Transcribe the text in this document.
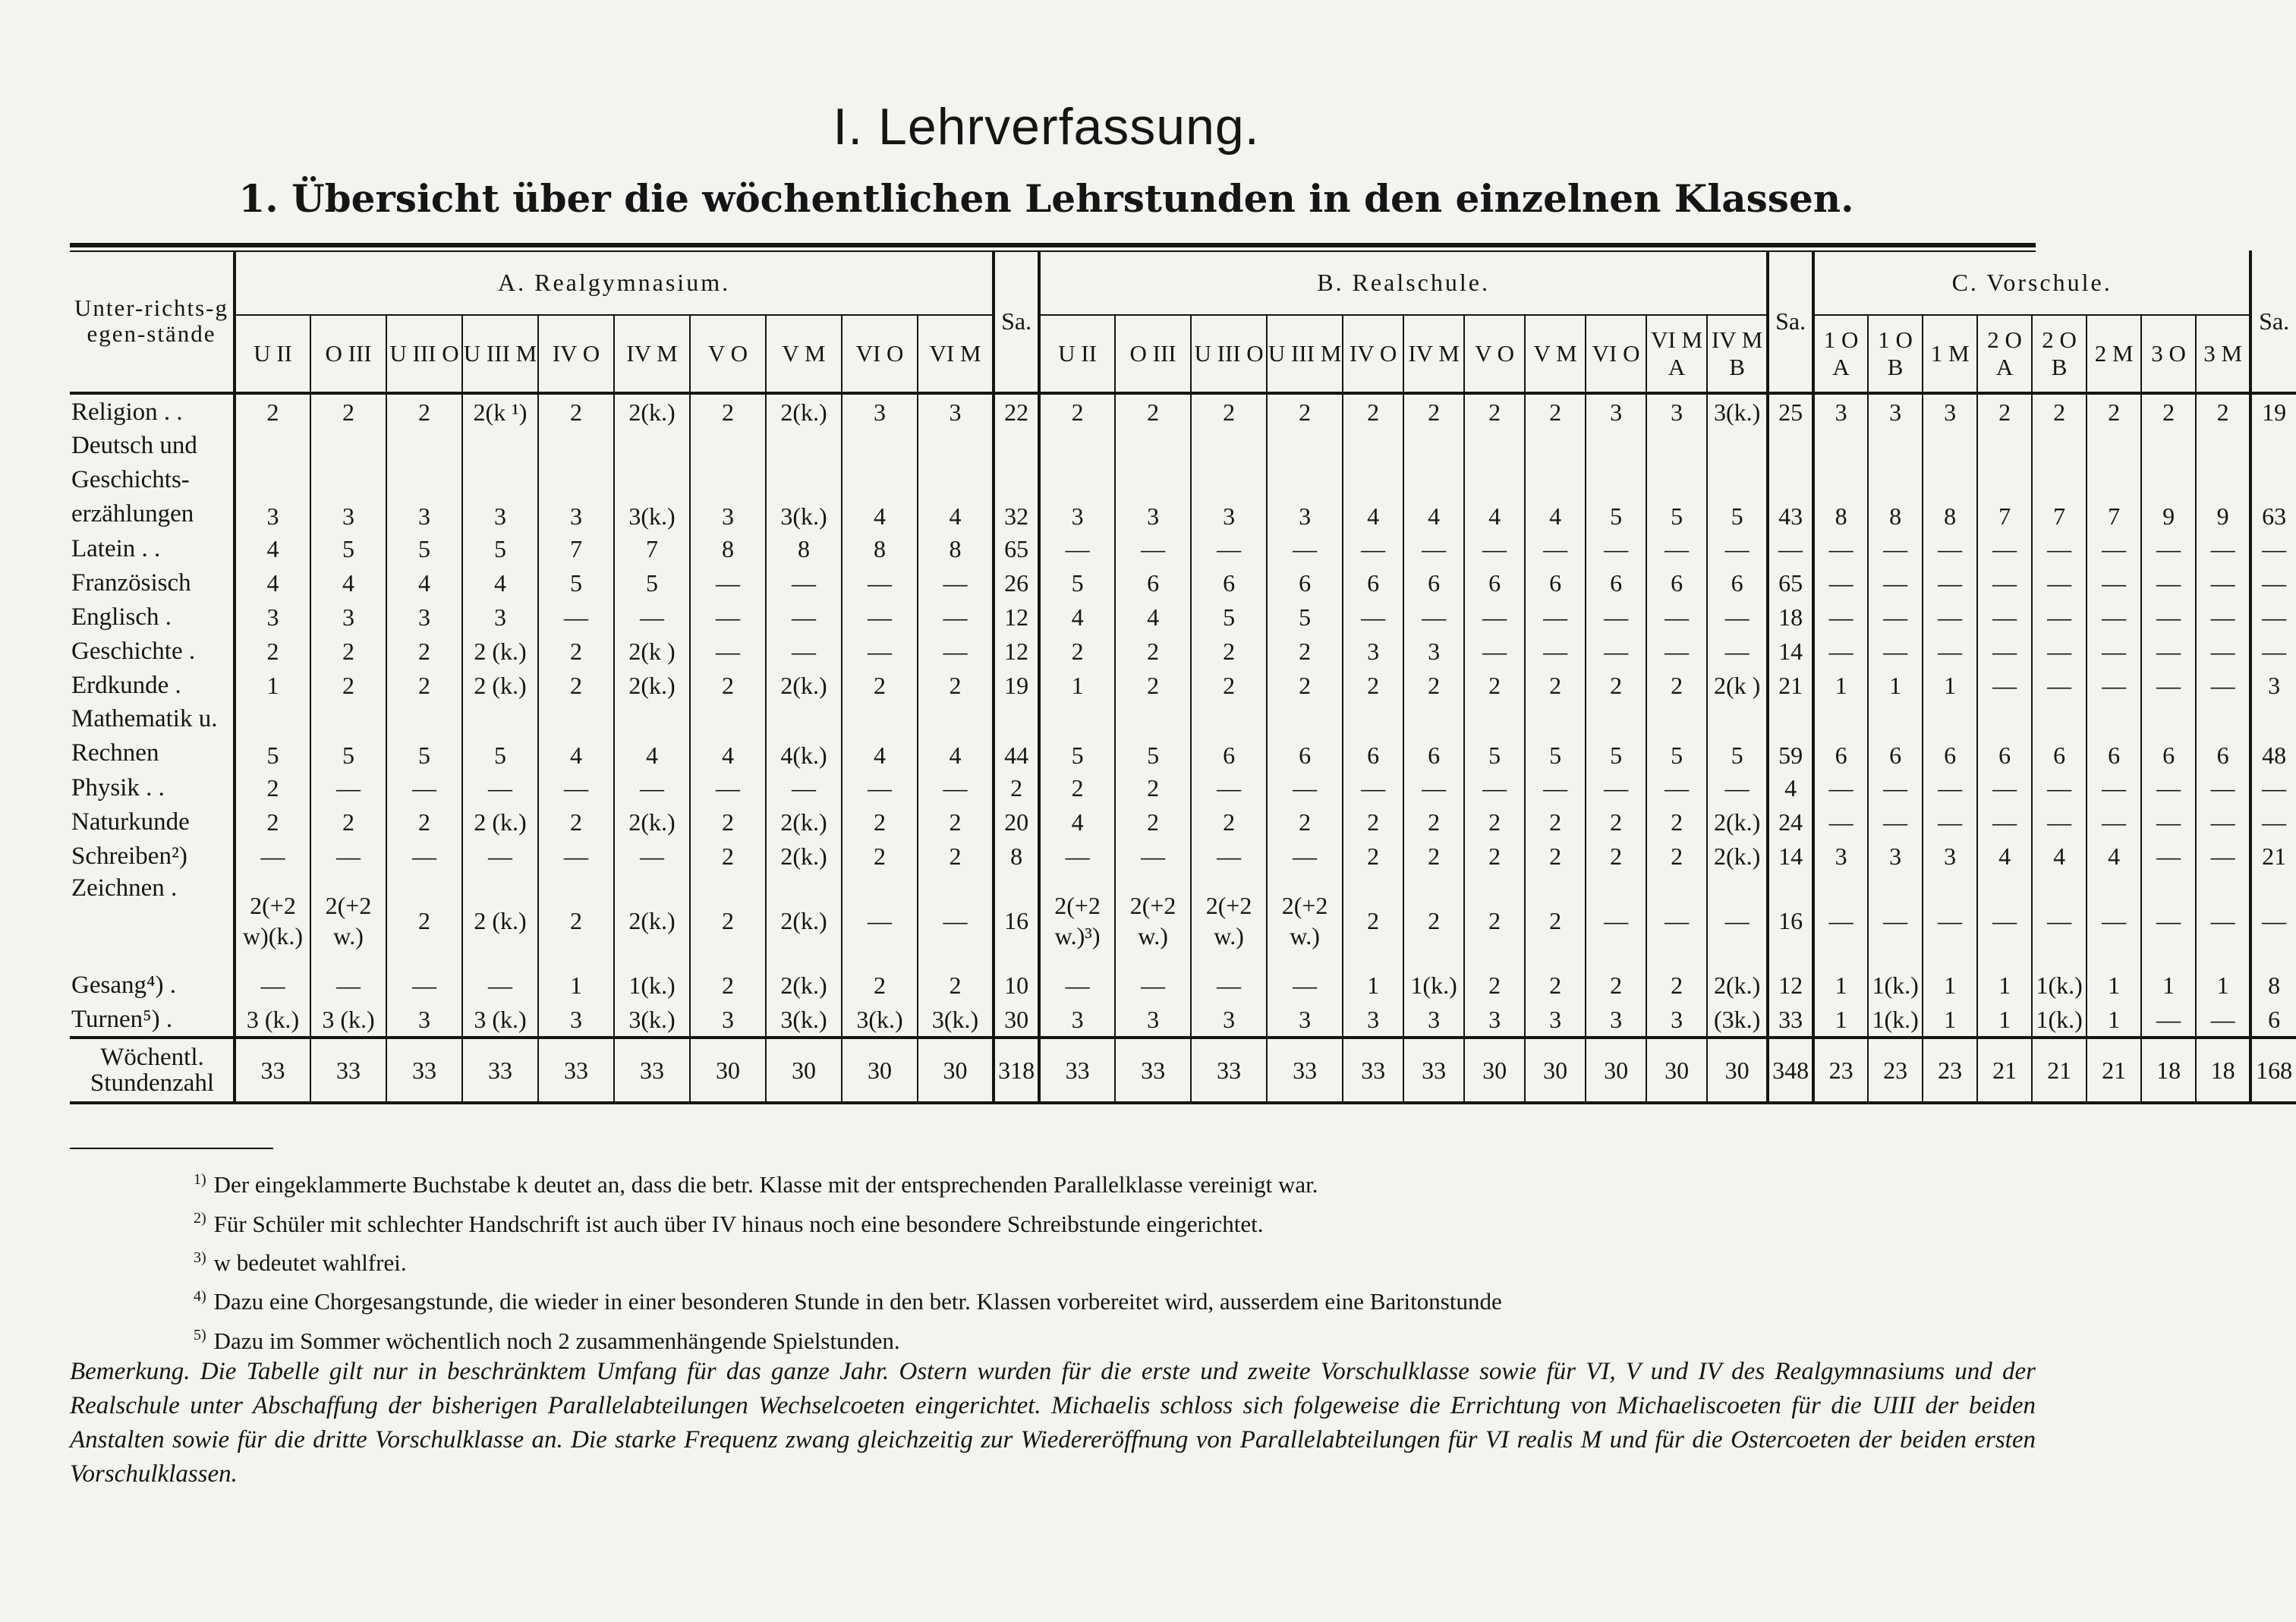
I. Lehrverfassung.
1. Übersicht über die wöchentlichen Lehrstunden in den einzelnen Klassen.
Unter-richts-gegen-stände	A. Realgymnasium.										Sa.	B. Realschule.											Sa.	C. Vorschule.								Sa.
	U II	O III	U III O	U III M	IV O	IV M	V O	V M	VI O	VI M		U II	O III	U III O	U III M	IV O	IV M	V O	V M	VI O	VI M A	IV M B		1 O A	1 O B	1 M	2 O A	2 O B	2 M	3 O	3 M	
Religion . .	2	2	2	2(k ¹)	2	2(k.)	2	2(k.)	3	3	22	2	2	2	2	2	2	2	2	3	3	3(k.)	25	3	3	3	2	2	2	2	2	19
Deutsch und Geschichts-erzählungen	3	3	3	3	3	3(k.)	3	3(k.)	4	4	32	3	3	3	3	4	4	4	4	5	5	5	43	8	8	8	7	7	7	9	9	63
Latein . .	4	5	5	5	7	7	8	8	8	8	65	—	—	—	—	—	—	—	—	—	—	—	—	—	—	—	—	—	—	—	—	—
Französisch	4	4	4	4	5	5	—	—	—	—	26	5	6	6	6	6	6	6	6	6	6	6	65	—	—	—	—	—	—	—	—	—
Englisch .	3	3	3	3	—	—	—	—	—	—	12	4	4	5	5	—	—	—	—	—	—	—	18	—	—	—	—	—	—	—	—	—
Geschichte .	2	2	2	2 (k.)	2	2(k )	—	—	—	—	12	2	2	2	2	3	3	—	—	—	—	—	14	—	—	—	—	—	—	—	—	—
Erdkunde .	1	2	2	2 (k.)	2	2(k.)	2	2(k.)	2	2	19	1	2	2	2	2	2	2	2	2	2	2(k )	21	1	1	1	—	—	—	—	—	3
Mathematik u. Rechnen	5	5	5	5	4	4	4	4(k.)	4	4	44	5	5	6	6	6	6	5	5	5	5	5	59	6	6	6	6	6	6	6	6	48
Physik . .	2	—	—	—	—	—	—	—	—	—	2	2	2	—	—	—	—	—	—	—	—	—	4	—	—	—	—	—	—	—	—	—
Naturkunde	2	2	2	2 (k.)	2	2(k.)	2	2(k.)	2	2	20	4	2	2	2	2	2	2	2	2	2	2(k.)	24	—	—	—	—	—	—	—	—	—
Schreiben²)	—	—	—	—	—	—	2	2(k.)	2	2	8	—	—	—	—	2	2	2	2	2	2	2(k.)	14	3	3	3	4	4	4	—	—	21
Zeichnen .	2(+2 w)(k.)	2(+2 w.)	2	2 (k.)	2	2(k.)	2	2(k.)	—	—	16	2(+2 w.)³)	2(+2 w.)	2(+2 w.)	2(+2 w.)	2	2	2	2	—	—	—	16	—	—	—	—	—	—	—	—	—
Gesang⁴) .	—	—	—	—	1	1(k.)	2	2(k.)	2	2	10	—	—	—	—	1	1(k.)	2	2	2	2	2(k.)	12	1	1(k.)	1	1	1(k.)	1	1	1	8
Turnen⁵) .	3 (k.)	3 (k.)	3	3 (k.)	3	3(k.)	3	3(k.)	3(k.)	3(k.)	30	3	3	3	3	3	3	3	3	3	3	(3k.)	33	1	1(k.)	1	1	1(k.)	1	—	—	6
Wöchentl. Stundenzahl	33	33	33	33	33	33	30	30	30	30	318	33	33	33	33	33	33	30	30	30	30	30	348	23	23	23	21	21	21	18	18	168
$^{1)}$ Der eingeklammerte Buchstabe k deutet an, dass die betr. Klasse mit der entsprechenden Parallelklasse vereinigt war.
$^{2)}$ Für Schüler mit schlechter Handschrift ist auch über IV hinaus noch eine besondere Schreibstunde eingerichtet.
$^{3)}$ w bedeutet wahlfrei.
$^{4)}$ Dazu eine Chorgesangstunde, die wieder in einer besonderen Stunde in den betr. Klassen vorbereitet wird, ausserdem eine Baritonstunde
$^{5)}$ Dazu im Sommer wöchentlich noch 2 zusammenhängende Spielstunden.
Bemerkung. Die Tabelle gilt nur in beschränktem Umfang für das ganze Jahr. Ostern wurden für die erste und zweite Vorschulklasse sowie für VI, V und IV des Realgymnasiums und der Realschule unter Abschaffung der bisherigen Parallelabteilungen Wechselcoeten eingerichtet. Michaelis schloss sich folgeweise die Errichtung von Michaeliscoeten für die UIII der beiden Anstalten sowie für die dritte Vorschulklasse an. Die starke Frequenz zwang gleichzeitig zur Wiedereröffnung von Parallelabteilungen für VI realis M und für die Ostercoeten der beiden ersten Vorschulklassen.
